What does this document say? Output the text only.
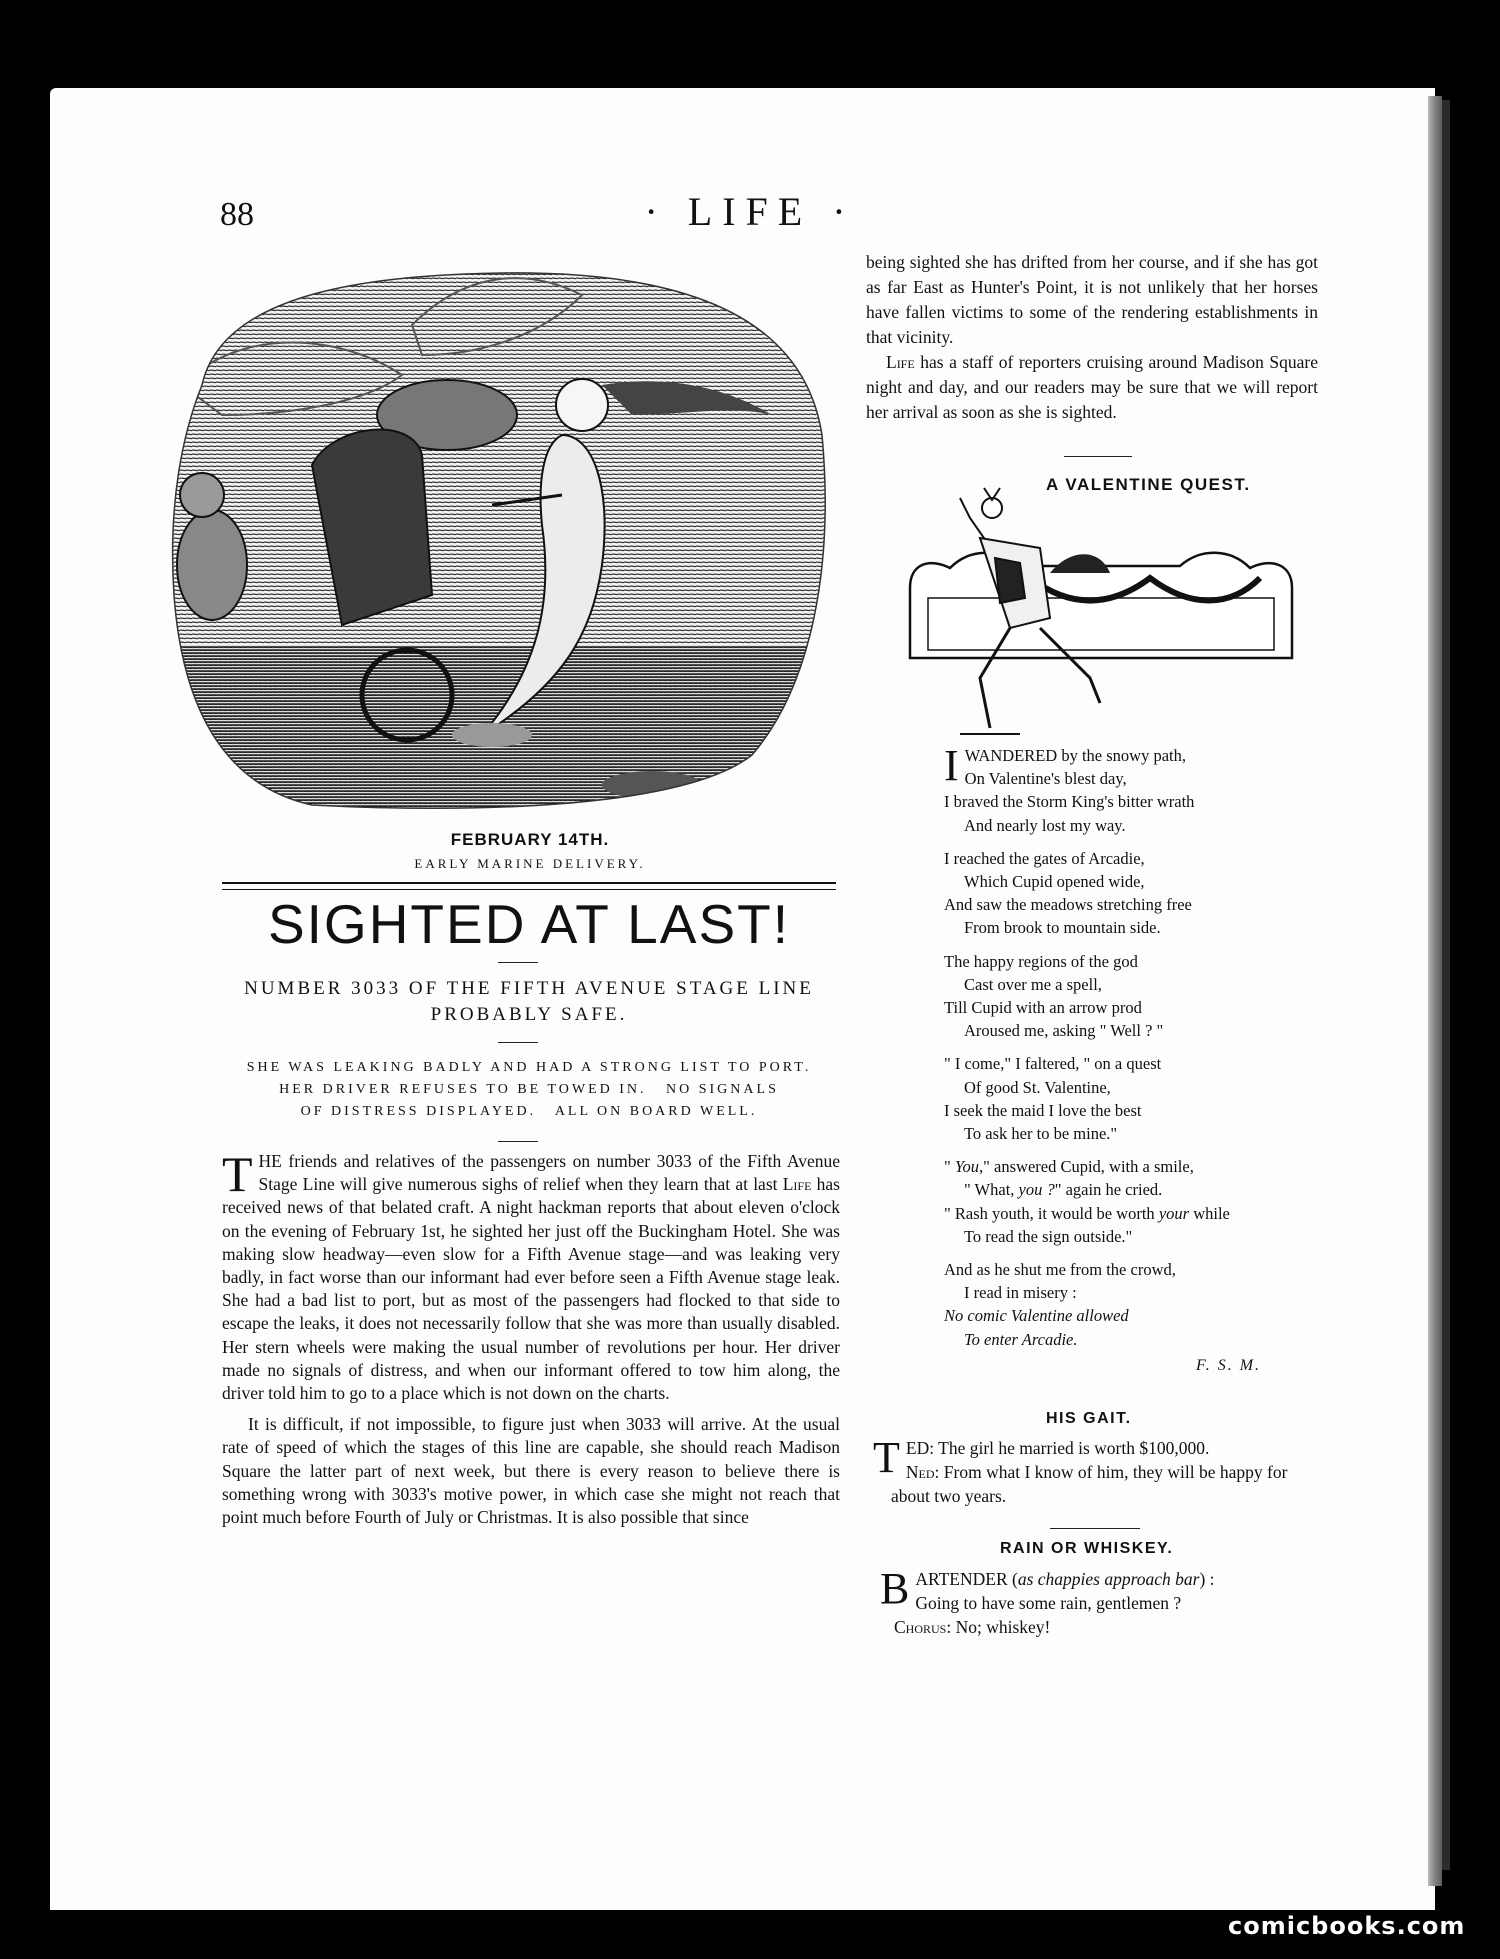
88	· LIFE ·
FEBRUARY 14TH.
EARLY MARINE DELIVERY.
SIGHTED AT LAST!
NUMBER 3033 OF THE FIFTH AVENUE STAGE LINE
PROBABLY SAFE.
SHE WAS LEAKING BADLY AND HAD A STRONG LIST TO PORT.
HER DRIVER REFUSES TO BE TOWED IN.   NO SIGNALS
OF DISTRESS DISPLAYED.   ALL ON BOARD WELL.

THE friends and relatives of the passengers on number 3033 of the Fifth Avenue Stage Line will give numerous sighs of relief when they learn that at last Life has received news of that belated craft. A night hackman reports that about eleven o'clock on the evening of February 1st, he sighted her just off the Buckingham Hotel. She was making slow headway—even slow for a Fifth Avenue stage—and was leaking very badly, in fact worse than our informant had ever before seen a Fifth Avenue stage leak. She had a bad list to port, but as most of the passengers had flocked to that side to escape the leaks, it does not necessarily follow that she was more than usually disabled. Her stern wheels were making the usual number of revolutions per hour. Her driver made no signals of distress, and when our informant offered to tow him along, the driver told him to go to a place which is not down on the charts.

It is difficult, if not impossible, to figure just when 3033 will arrive. At the usual rate of speed of which the stages of this line are capable, she should reach Madison Square the latter part of next week, but there is every reason to believe there is something wrong with 3033's motive power, in which case she might not reach that point much before Fourth of July or Christmas. It is also possible that since

being sighted she has drifted from her course, and if she has got as far East as Hunter's Point, it is not unlikely that her horses have fallen victims to some of the rendering establishments in that vicinity.

Life has a staff of reporters cruising around Madison Square night and day, and our readers may be sure that we will report her arrival as soon as she is sighted.

A VALENTINE QUEST.
I WANDERED by the snowy path,
On Valentine's blest day,
I braved the Storm King's bitter wrath
And nearly lost my way.
I reached the gates of Arcadie,
Which Cupid opened wide,
And saw the meadows stretching free
From brook to mountain side.
The happy regions of the god
Cast over me a spell,
Till Cupid with an arrow prod
Aroused me, asking " Well ? "
" I come," I faltered, " on a quest
Of good St. Valentine,
I seek the maid I love the best
To ask her to be mine."
" You," answered Cupid, with a smile,
" What, you ?" again he cried.
" Rash youth, it would be worth your while
To read the sign outside."
And as he shut me from the crowd,
I read in misery :
No comic Valentine allowed
To enter Arcadie.
F. S. M.
HIS GAIT.
T ED: The girl he married is worth $100,000.
Ned: From what I know of him, they will be happy for about two years.
RAIN OR WHISKEY.
B ARTENDER (as chappies approach bar) :
Going to have some rain, gentlemen ?
Chorus: No; whiskey!
comicbooks.com
